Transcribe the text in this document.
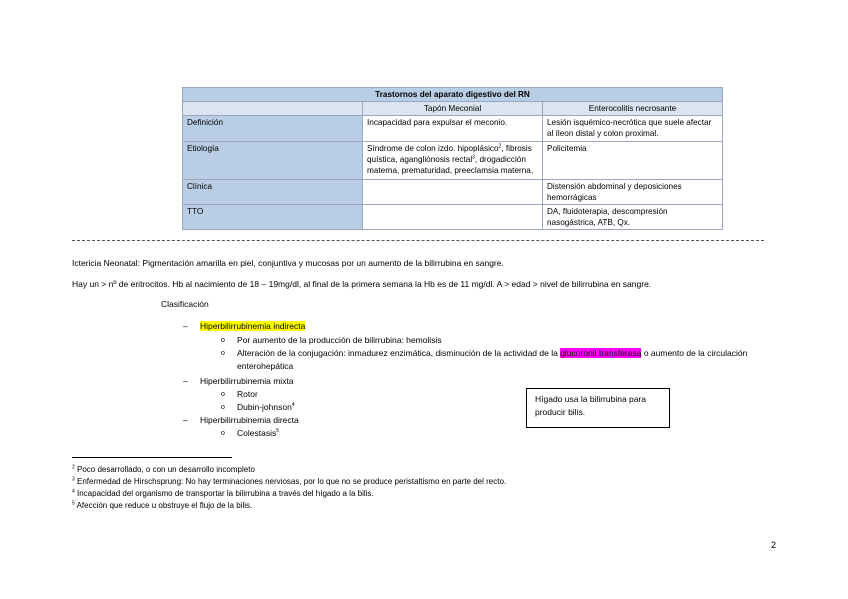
Trastornos del aparato digestivo del RN		
	Tapón Meconial	Enterocolitis necrosante
Definición	Incapacidad para expulsar el meconio.	Lesión isquémico-necrótica que suele afectar al íleon distal y colon proximal.
Etiología	Síndrome de colon izdo. hipoplásico$^2$, fibrosis quística, agangliónosis rectal$^3$, drogadicción materna, prematuridad, preeclamsia materna,	Policitemia
Clínica		Distensión abdominal y deposiciones hemorrágicas
TTO		DA, fluidoterapia, descompresión nasogástrica, ATB, Qx.
Ictericia Neonatal: Pigmentación amarilla en piel, conjuntiva y mucosas por un aumento de la bilirrubina en sangre.
Hay un > nº de eritrocitos. Hb al nacimiento de 18 – 19mg/dl, al final de la primera semana la Hb es de 11 mg/dl. A > edad > nivel de bilirrubina en sangre.
Clasificación
– Hiperbilirrubinemia indirecta
o Por aumento de la producción de bilirrubina: hemolisis
o Alteración de la conjugación: inmadurez enzimática, disminución de la actividad de la glucoronil transferasa o aumento de la circulación enterohepática
– Hiperbilirrubinemia mixta
o Rotor
o Dubin-johnson$^4$
– Hiperbilirrubinemia directa
o Colestasis$^5$
Hígado usa la bilirrubina para producir bilis.
$^2$ Poco desarrollado, o con un desarrollo incompleto
$^3$ Enfermedad de Hirschsprung: No hay terminaciones nerviosas, por lo que no se produce peristaltismo en parte del recto.
$^4$ Incapacidad del organismo de transportar la bilirrubina a través del hígado a la bilis.
$^5$ Afección que reduce u obstruye el flujo de la bilis.
2
